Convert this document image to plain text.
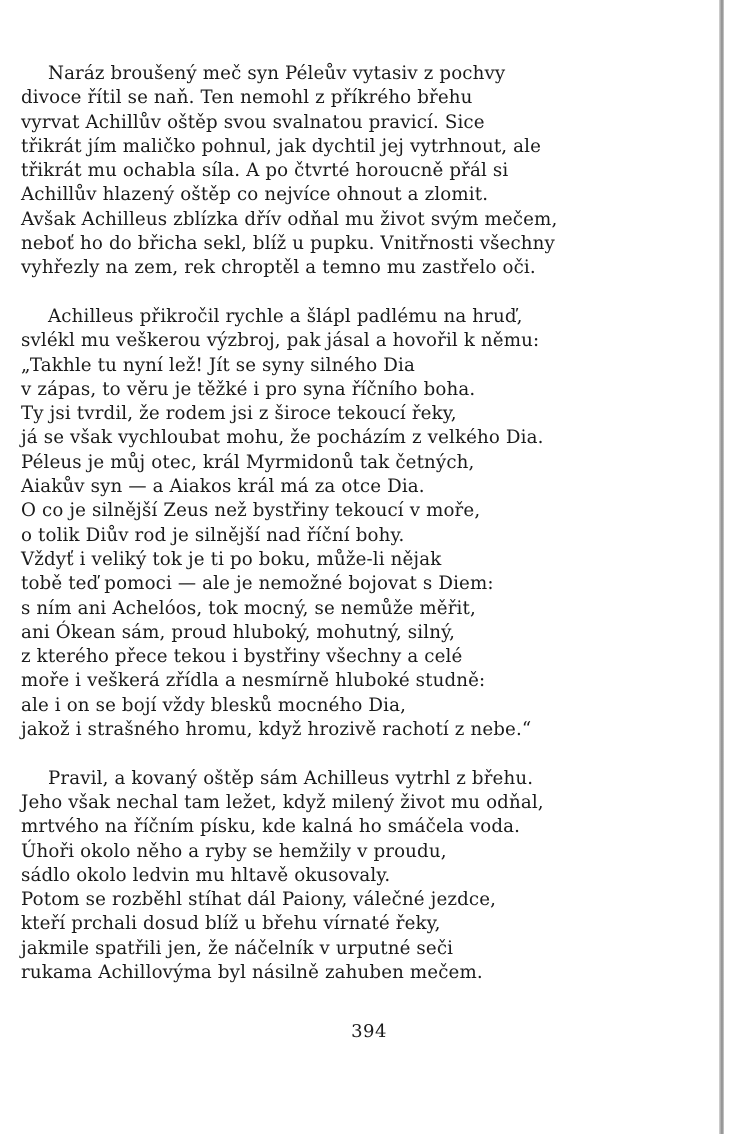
Naráz broušený meč syn Péleův vytasiv z pochvy
divoce řítil se naň. Ten nemohl z příkrého břehu
vyrvat Achillův oštěp svou svalnatou pravicí. Sice
třikrát jím maličko pohnul, jak dychtil jej vytrhnout, ale
třikrát mu ochabla síla. A po čtvrté horoucně přál si
Achillův hlazený oštěp co nejvíce ohnout a zlomit.
Avšak Achilleus zblízka dřív odňal mu život svým mečem,
neboť ho do břicha sekl, blíž u pupku. Vnitřnosti všechny
vyhřezly na zem, rek chroptěl a temno mu zastřelo oči.
Achilleus přikročil rychle a šlápl padlému na hruď,
svlékl mu veškerou výzbroj, pak jásal a hovořil k němu:
„Takhle tu nyní lež! Jít se syny silného Dia
v zápas, to věru je těžké i pro syna říčního boha.
Ty jsi tvrdil, že rodem jsi z široce tekoucí řeky,
já se však vychloubat mohu, že pocházím z velkého Dia.
Péleus je můj otec, král Myrmidonů tak četných,
Aiakův syn — a Aiakos král má za otce Dia.
O co je silnější Zeus než bystřiny tekoucí v moře,
o tolik Diův rod je silnější nad říční bohy.
Vždyť i veliký tok je ti po boku, může-li nějak
tobě teď pomoci — ale je nemožné bojovat s Diem:
s ním ani Achelóos, tok mocný, se nemůže měřit,
ani Ókean sám, proud hluboký, mohutný, silný,
z kterého přece tekou i bystřiny všechny a celé
moře i veškerá zřídla a nesmírně hluboké studně:
ale i on se bojí vždy blesků mocného Dia,
jakož i strašného hromu, když hrozivě rachotí z nebe.“
Pravil, a kovaný oštěp sám Achilleus vytrhl z břehu.
Jeho však nechal tam ležet, když milený život mu odňal,
mrtvého na říčním písku, kde kalná ho smáčela voda.
Úhoři okolo něho a ryby se hemžily v proudu,
sádlo okolo ledvin mu hltavě okusovaly.
Potom se rozběhl stíhat dál Paiony, válečné jezdce,
kteří prchali dosud blíž u břehu vírnaté řeky,
jakmile spatřili jen, že náčelník v urputné seči
rukama Achillovýma byl násilně zahuben mečem.
394
